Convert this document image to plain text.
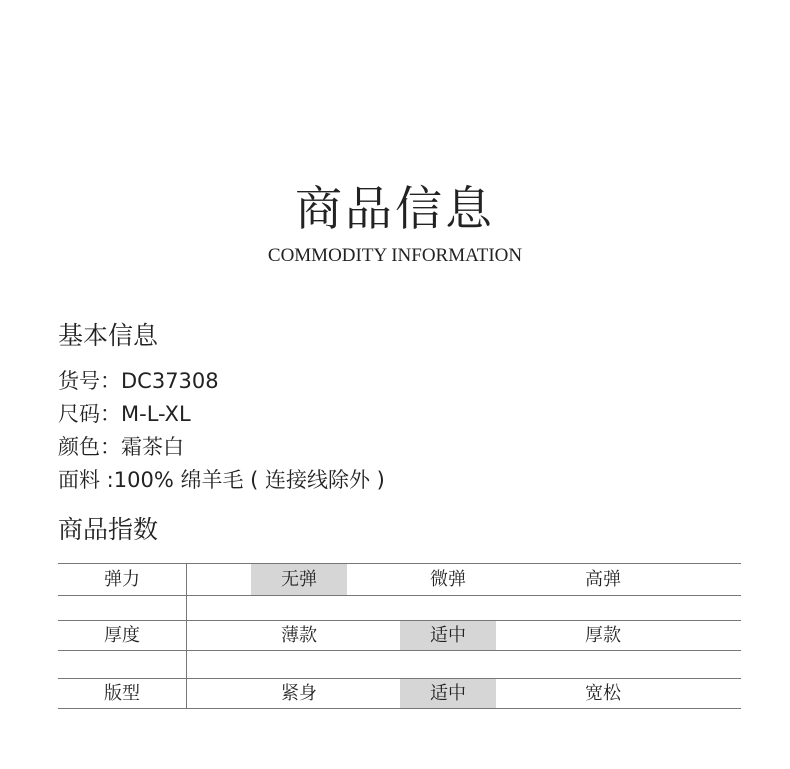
商品信息
COMMODITY INFORMATION
基本信息
货号：DC37308
尺码：M-L-XL
颜色：霜茶白
面料 :100% 绵羊毛 ( 连接线除外 )
商品指数
弹力	无弹	微弹	高弹
厚度	薄款	适中	厚款
版型	紧身	适中	宽松
